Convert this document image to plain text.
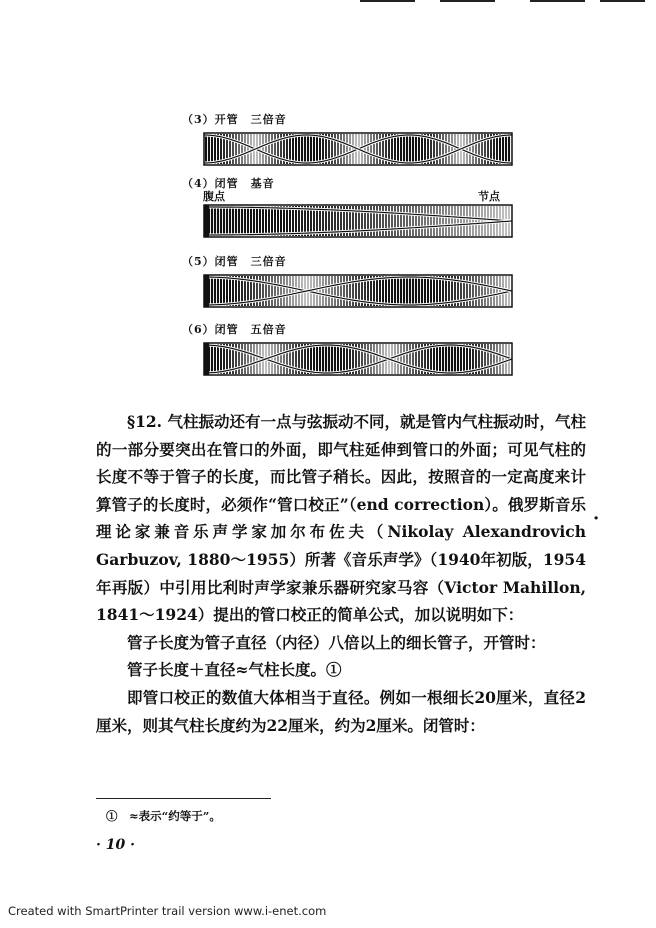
（3）开管　三倍音
（4）闭管　基音
腹点	节点
（5）闭管　三倍音
（6）闭管　五倍音
·

§12. 气柱振动还有一点与弦振动不同，就是管内气柱振动时，气柱的一部分要突出在管口的外面，即气柱延伸到管口的外面；可见气柱的长度不等于管子的长度，而比管子稍长。因此，按照音的一定高度来计算管子的长度时，必须作“管口校正”（end correction）。俄罗斯音乐理论家兼音乐声学家加尔布佐夫（Nikolay Alexandrovich Garbuzov, 1880～1955）所著《音乐声学》（1940年初版，1954年再版）中引用比利时声学家兼乐器研究家马容（Victor Mahillon, 1841～1924）提出的管口校正的简单公式，加以说明如下：

管子长度为管子直径（内径）八倍以上的细长管子，开管时：

管子长度＋直径≈气柱长度。①

即管口校正的数值大体相当于直径。例如一根细长20厘米，直径2厘米，则其气柱长度约为22厘米，约为2厘米。闭管时：

①　≈表示“约等于”。
· 10 ·
Created with SmartPrinter trail version www.i-enet.com
